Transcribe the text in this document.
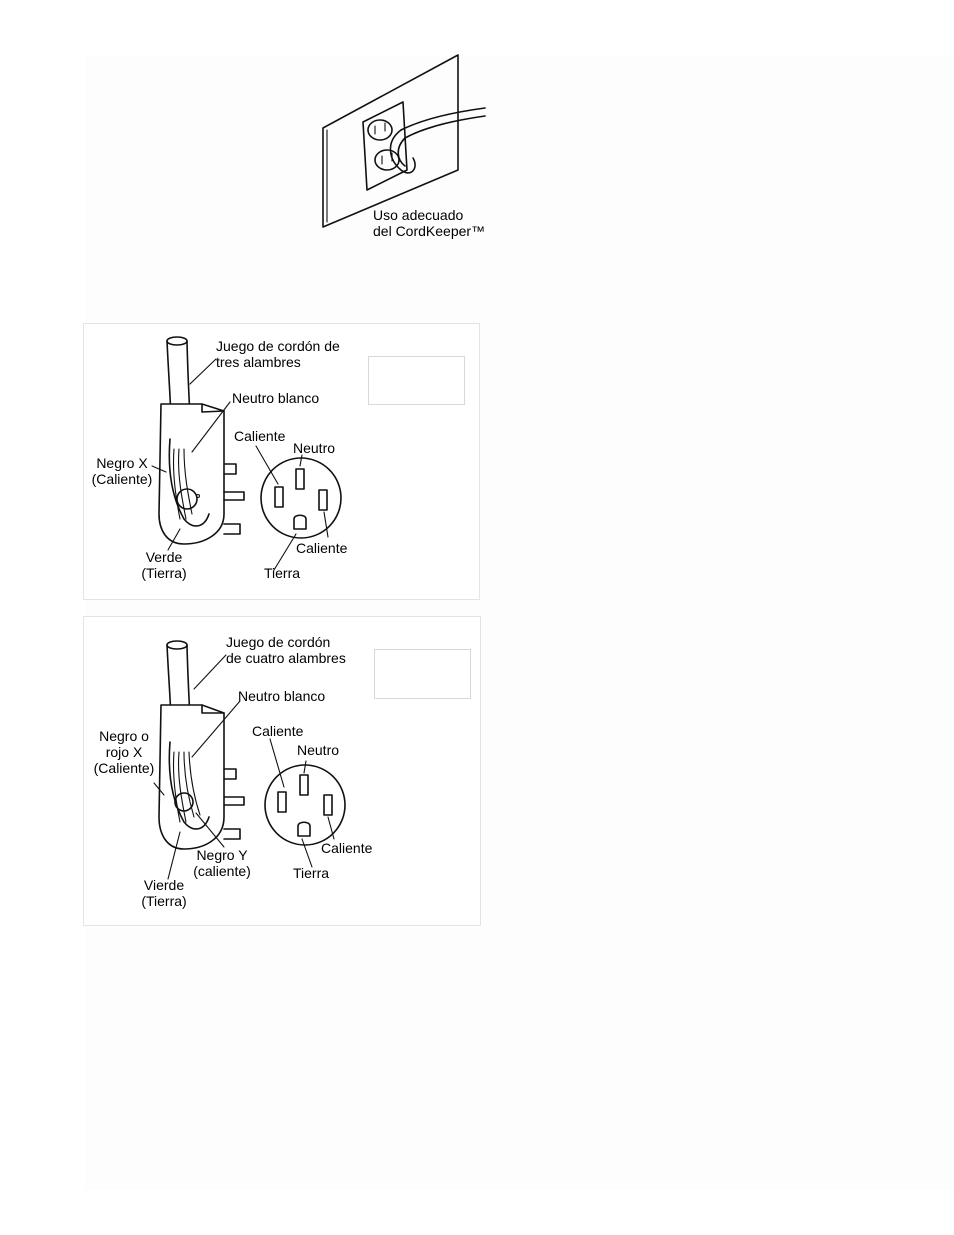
Uso adecuado
del CordKeeper™
Juego de cordón de
tres alambres
Neutro blanco
Caliente
Neutro
Negro X
(Caliente)
Caliente
Verde
(Tierra)	Tierra
Juego de cordón
de cuatro alambres
Neutro blanco
Caliente
Neutro
Negro o
rojo X
(Caliente)
Caliente
Negro Y
(caliente)	Tierra
Vierde
(Tierra)
